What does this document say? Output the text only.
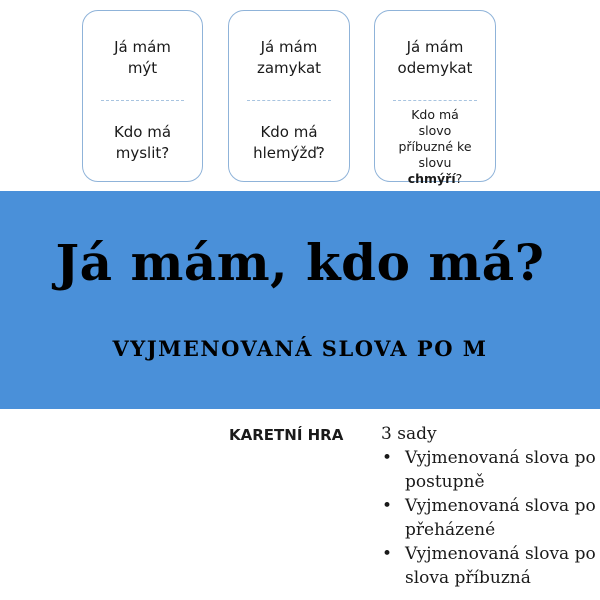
Já mám
mýt
Kdo má
myslit?
Já mám
zamykat
Kdo má
hlemýžď?
Já mám
odemykat
Kdo má
slovo
příbuzné ke
slovu
chmýří?
Já mám, kdo má?
VYJMENOVANÁ SLOVA PO M
KARETNÍ HRA 3 sady
• Vyjmenovaná slova po
postupně
• Vyjmenovaná slova po
přeházené
• Vyjmenovaná slova po
slova příbuzná
